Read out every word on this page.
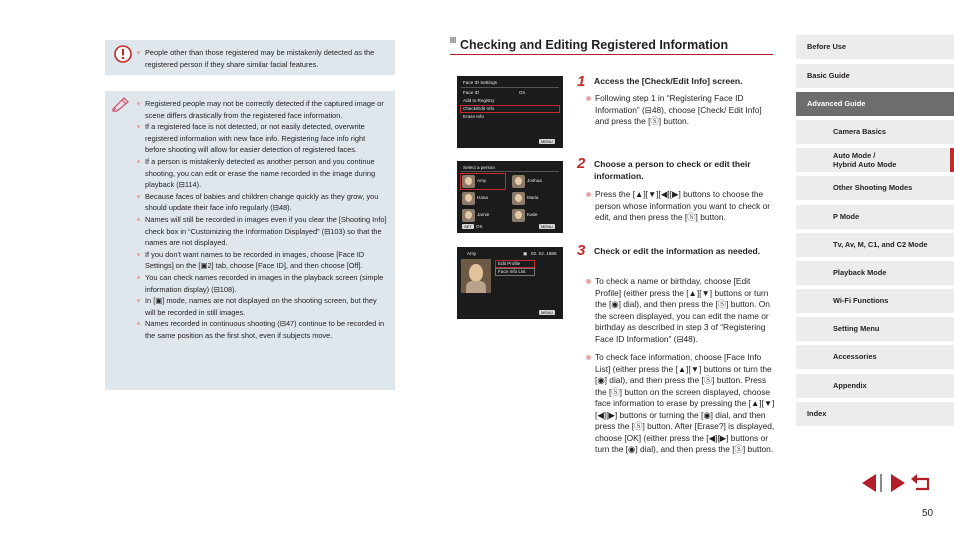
People other than those registered may be mistakenly detected as the registered person if they share similar facial features.
Registered people may not be correctly detected if the captured image or scene differs drastically from the registered face information.
If a registered face is not detected, or not easily detected, overwrite registered information with new face info. Registering face info right before shooting will allow for easier detection of registered faces.
If a person is mistakenly detected as another person and you continue shooting, you can edit or erase the name recorded in the image during playback (⊟114).
Because faces of babies and children change quickly as they grow, you should update their face info regularly (⊟48).
Names will still be recorded in images even if you clear the [Shooting Info] check box in “Customizing the Information Displayed” (⊟103) so that the names are not displayed.
If you don't want names to be recorded in images, choose [Face ID Settings] on the [▣2] tab, choose [Face ID], and then choose [Off].
You can check names recorded in images in the playback screen (simple information display) (⊟108).
In [▣] mode, names are not displayed on the shooting screen, but they will be recorded in still images.
Names recorded in continuous shooting (⊟47) continue to be recorded in the same position as the first shot, even if subjects move.
Checking and Editing Registered Information
Face ID Settings
Face ID	On
Add to Registry
Check/Edit Info
Erase Info
MENU
Select a person
Amy	Joshua
Hana	Maria
Jamie	Katie
SET OK	MENU
Amy	▣ 02. 02. 1986
Edit Profile
Face Info List
MENU
1 Access the [Check/Edit Info] screen.

Following step 1 in “Registering Face ID Information” (⊟48), choose [Check/ Edit Info] and press the [Ⓢ] button.

2 Choose a person to check or edit their information.

Press the [▲][▼][◀][▶] buttons to choose the person whose information you want to check or edit, and then press the [Ⓢ] button.

3 Check or edit the information as needed.

To check a name or birthday, choose [Edit Profile] (either press the [▲][▼] buttons or turn the [◉] dial), and then press the [Ⓢ] button. On the screen displayed, you can edit the name or birthday as described in step 3 of “Registering Face ID Information” (⊟48).

To check face information, choose [Face Info List] (either press the [▲][▼] buttons or turn the [◉] dial), and then press the [Ⓢ] button. Press the [Ⓢ] button on the screen displayed, choose face information to erase by pressing the [▲][▼][◀][▶] buttons or turning the [◉] dial, and then press the [Ⓢ] button. After [Erase?] is displayed, choose [OK] (either press the [◀][▶] buttons or turn the [◉] dial), and then press the [Ⓢ] button.

Before Use
Basic Guide
Advanced Guide
Camera Basics
Auto Mode /
Hybrid Auto Mode
Other Shooting Modes
P Mode
Tv, Av, M, C1, and C2 Mode
Playback Mode
Wi-Fi Functions
Setting Menu
Accessories
Appendix
Index
50
